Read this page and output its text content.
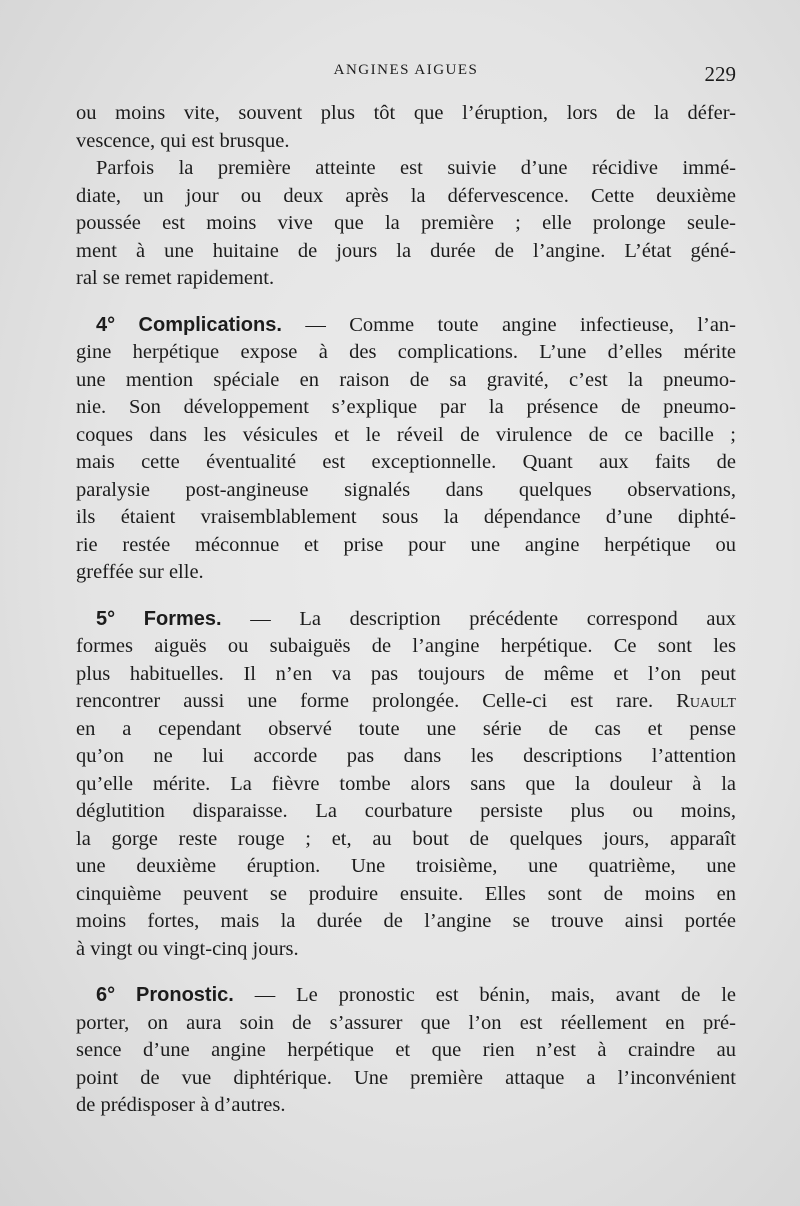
ANGINES AIGUES	229
ou moins vite, souvent plus tôt que l’éruption, lors de la défer-
vescence, qui est brusque.
Parfois la première atteinte est suivie d’une récidive immé-
diate, un jour ou deux après la défervescence. Cette deuxième
poussée est moins vive que la première ; elle prolonge seule-
ment à une huitaine de jours la durée de l’angine. L’état géné-
ral se remet rapidement.
4° Complications. — Comme toute angine infectieuse, l’an-
gine herpétique expose à des complications. L’une d’elles mérite
une mention spéciale en raison de sa gravité, c’est la pneumo-
nie. Son développement s’explique par la présence de pneumo-
coques dans les vésicules et le réveil de virulence de ce bacille ;
mais cette éventualité est exceptionnelle. Quant aux faits de
paralysie post-angineuse signalés dans quelques observations,
ils étaient vraisemblablement sous la dépendance d’une diphté-
rie restée méconnue et prise pour une angine herpétique ou
greffée sur elle.
5° Formes. — La description précédente correspond aux
formes aiguës ou subaiguës de l’angine herpétique. Ce sont les
plus habituelles. Il n’en va pas toujours de même et l’on peut
rencontrer aussi une forme prolongée. Celle-ci est rare. Ruault
en a cependant observé toute une série de cas et pense
qu’on ne lui accorde pas dans les descriptions l’attention
qu’elle mérite. La fièvre tombe alors sans que la douleur à la
déglutition disparaisse. La courbature persiste plus ou moins,
la gorge reste rouge ; et, au bout de quelques jours, apparaît
une deuxième éruption. Une troisième, une quatrième, une
cinquième peuvent se produire ensuite. Elles sont de moins en
moins fortes, mais la durée de l’angine se trouve ainsi portée
à vingt ou vingt-cinq jours.
6° Pronostic. — Le pronostic est bénin, mais, avant de le
porter, on aura soin de s’assurer que l’on est réellement en pré-
sence d’une angine herpétique et que rien n’est à craindre au
point de vue diphtérique. Une première attaque a l’inconvénient
de prédisposer à d’autres.
